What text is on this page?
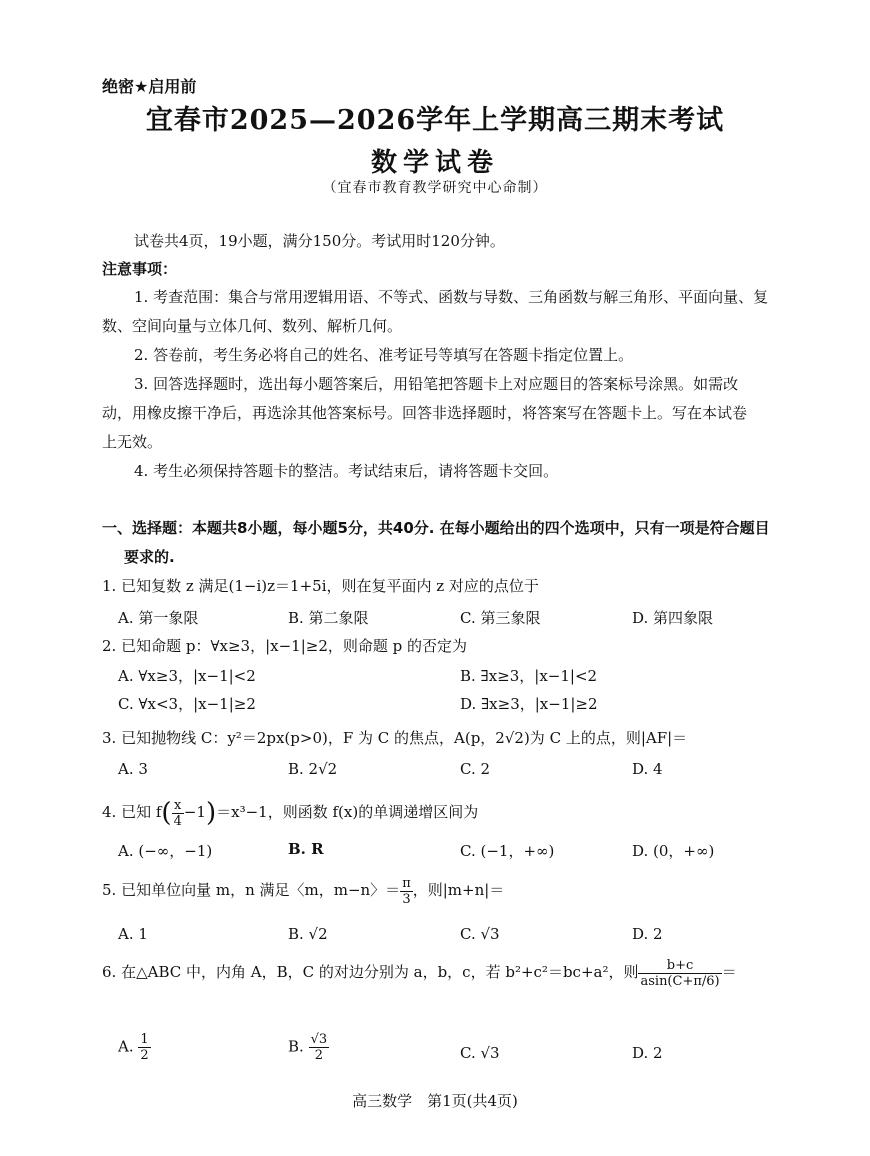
绝密★启用前
宜春市2025—2026学年上学期高三期末考试
数学试卷
（宜春市教育教学研究中心命制）
试卷共4页，19小题，满分150分。考试用时120分钟。
注意事项：
1. 考查范围：集合与常用逻辑用语、不等式、函数与导数、三角函数与解三角形、平面向量、复
数、空间向量与立体几何、数列、解析几何。
2. 答卷前，考生务必将自己的姓名、准考证号等填写在答题卡指定位置上。
3. 回答选择题时，选出每小题答案后，用铅笔把答题卡上对应题目的答案标号涂黑。如需改
动，用橡皮擦干净后，再选涂其他答案标号。回答非选择题时，将答案写在答题卡上。写在本试卷
上无效。
4. 考生必须保持答题卡的整洁。考试结束后，请将答题卡交回。
一、选择题：本题共8小题，每小题5分，共40分. 在每小题给出的四个选项中，只有一项是符合题目
要求的.
1. 已知复数 z 满足(1−i)z＝1+5i，则在复平面内 z 对应的点位于
A. 第一象限	B. 第二象限	C. 第三象限	D. 第四象限
2. 已知命题 p：∀x≥3，|x−1|≥2，则命题 p 的否定为
A. ∀x≥3，|x−1|<2	B. ∃x≥3，|x−1|<2
C. ∀x<3，|x−1|≥2	D. ∃x≥3，|x−1|≥2
3. 已知抛物线 C：y²＝2px(p>0)，F 为 C 的焦点，A(p，2√2)为 C 上的点，则|AF|＝
A. 3	B. 2√2	C. 2	D. 4
4. 已知 $f( \frac{x}{4} -1)=x^3-1$，则函数 f(x)的单调递增区间为
A. (−∞，−1)	B. R	C. (−1，+∞)	D. (0，+∞)
5. 已知单位向量 m，n 满足〈m，m−n〉＝ $\frac{\pi}{3}$ ，则|m+n|＝
A. 1	B. √2	C. √3	D. 2
6. 在△ABC 中，内角 A，B，C 的对边分别为 a，b，c，若 b²+c²＝bc+a²，则 $\frac{b+c}{asin(C+\pi/6)}$ ＝
A. $\frac{1}{2}$	B. $\frac{√3}{2}$	C. √3	D. 2
高三数学　第1页(共4页)
